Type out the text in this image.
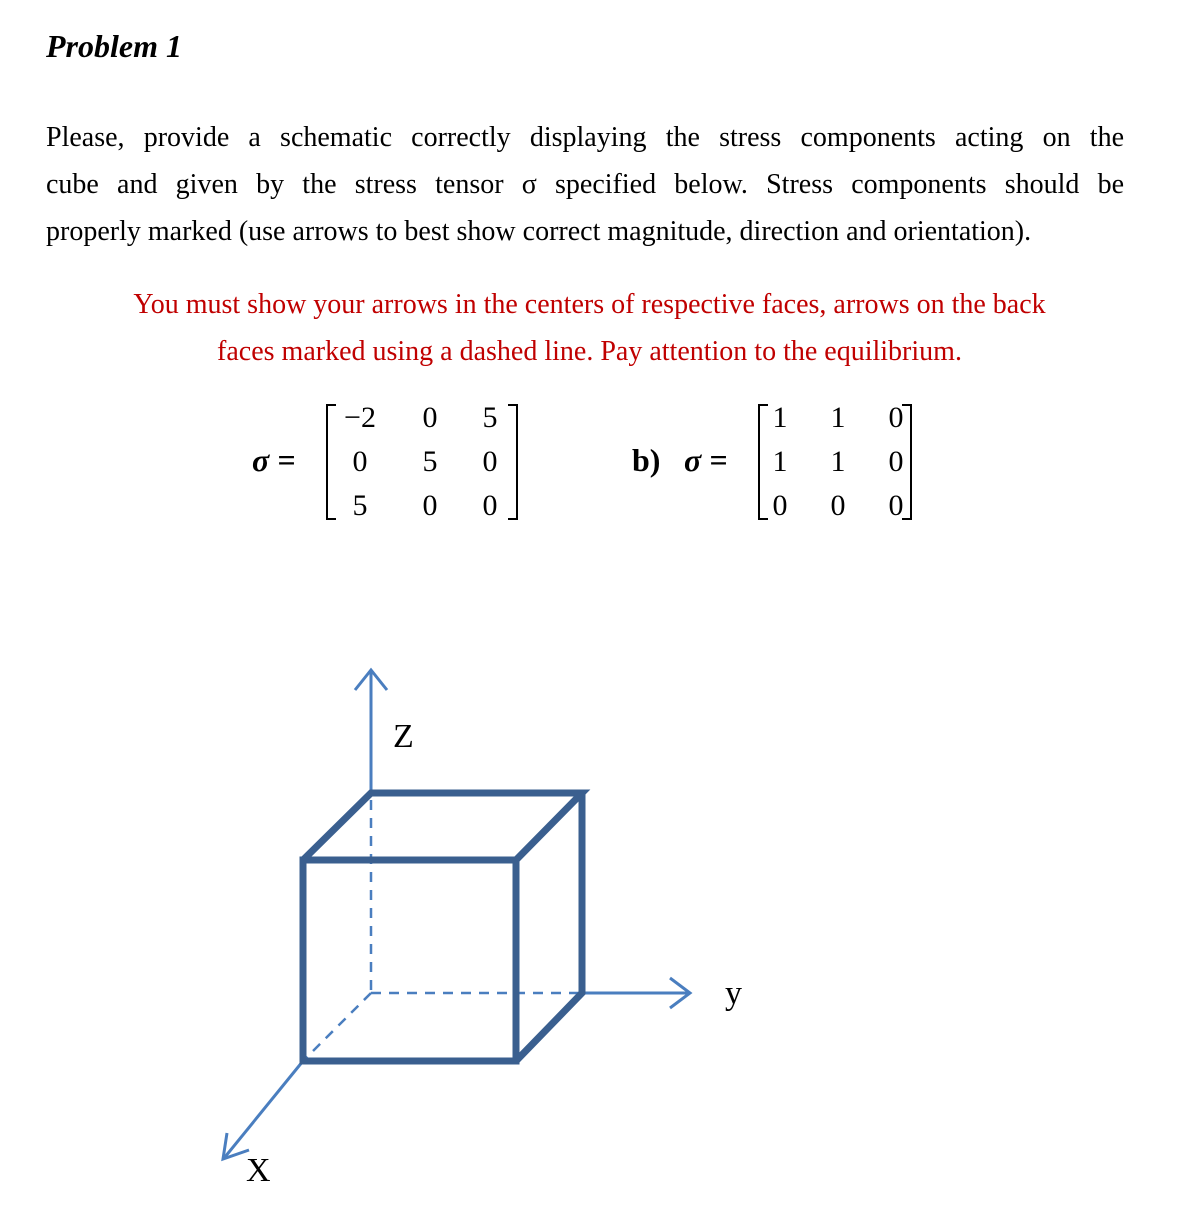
Problem 1

Please, provide a schematic correctly displaying the stress components acting on the
cube and given by the stress tensor σ specified below. Stress components should be
properly marked (use arrows to best show correct magnitude, direction and orientation).

You must show your arrows in the centers of respective faces, arrows on the back
faces marked using a dashed line. Pay attention to the equilibrium.

σ =
−2	0	5
0	5	0
5	0	0
b) σ =
1	1	0
1	1	0
0	0	0
Z
y
X
